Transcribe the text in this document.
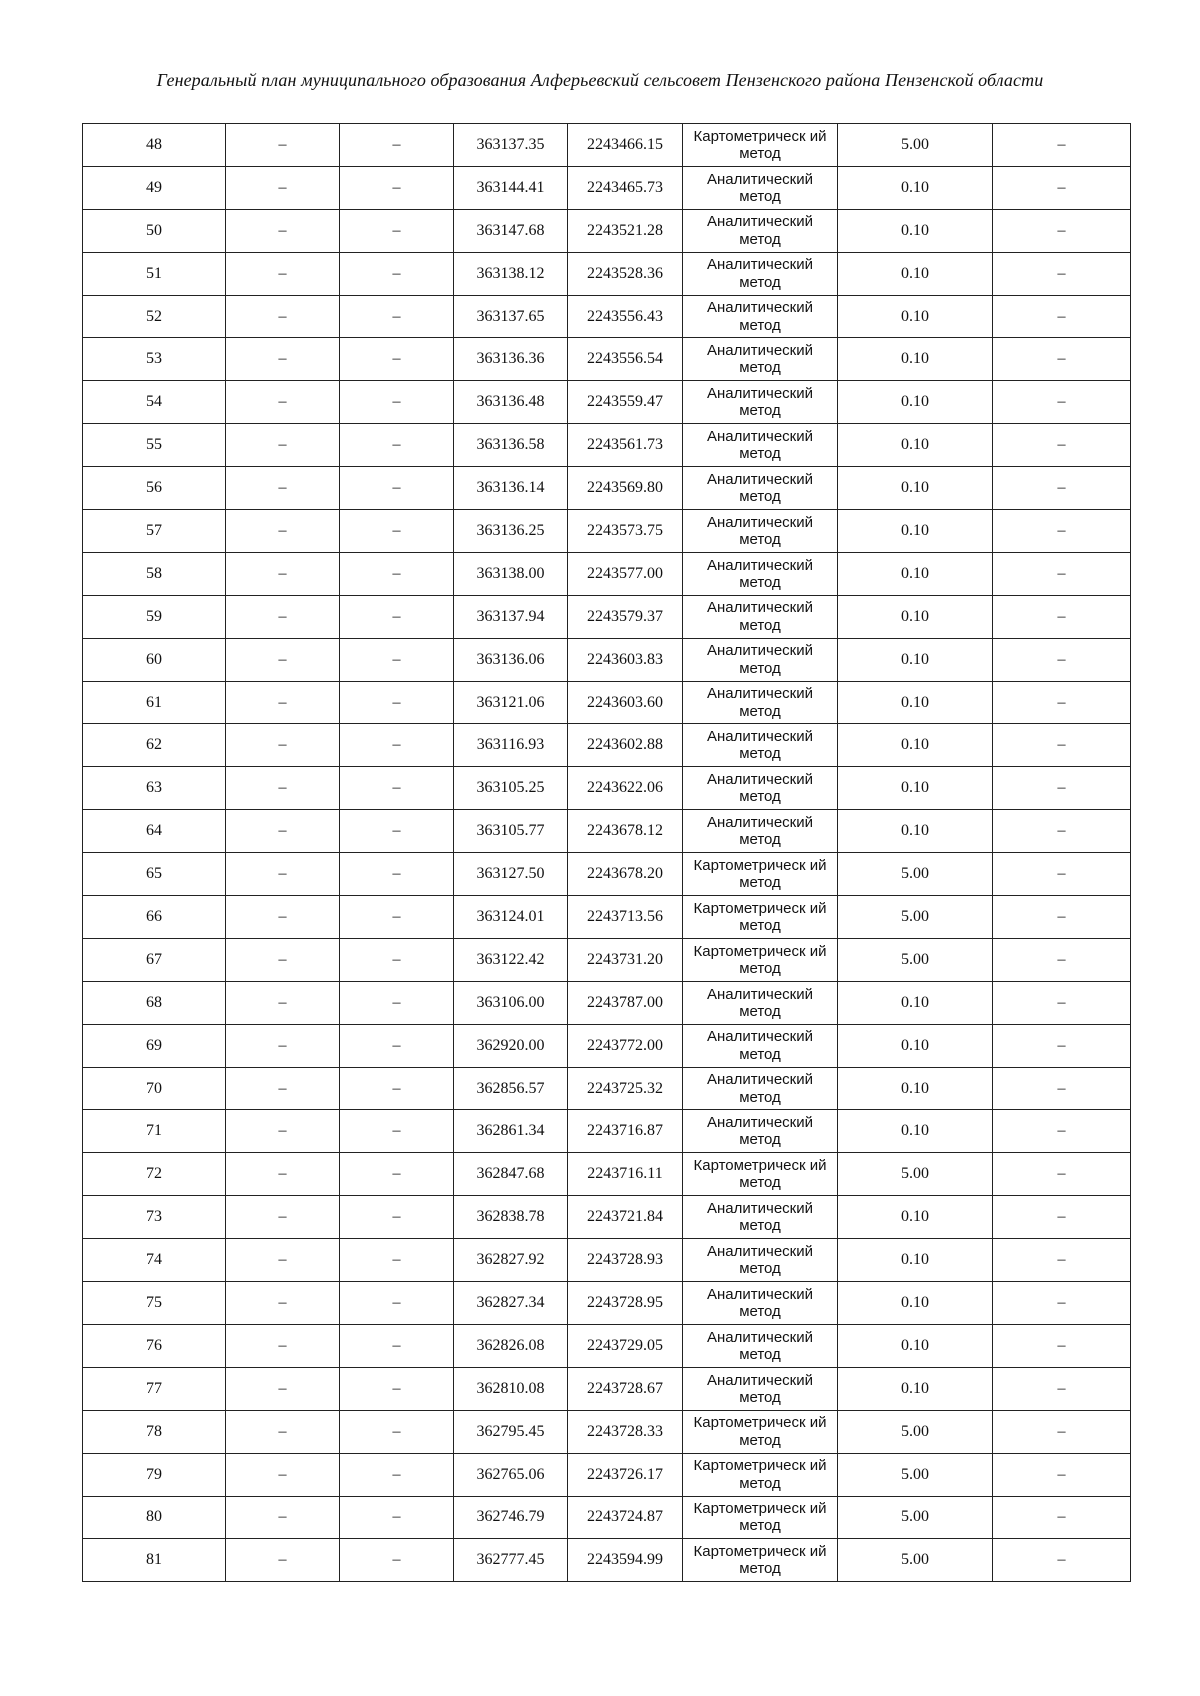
Генеральный план муниципального образования Алферьевский сельсовет Пензенского района Пензенской области
48	–	–	363137.35	2243466.15	Картометрическ ий метод	5.00	–
49	–	–	363144.41	2243465.73	Аналитический метод	0.10	–
50	–	–	363147.68	2243521.28	Аналитический метод	0.10	–
51	–	–	363138.12	2243528.36	Аналитический метод	0.10	–
52	–	–	363137.65	2243556.43	Аналитический метод	0.10	–
53	–	–	363136.36	2243556.54	Аналитический метод	0.10	–
54	–	–	363136.48	2243559.47	Аналитический метод	0.10	–
55	–	–	363136.58	2243561.73	Аналитический метод	0.10	–
56	–	–	363136.14	2243569.80	Аналитический метод	0.10	–
57	–	–	363136.25	2243573.75	Аналитический метод	0.10	–
58	–	–	363138.00	2243577.00	Аналитический метод	0.10	–
59	–	–	363137.94	2243579.37	Аналитический метод	0.10	–
60	–	–	363136.06	2243603.83	Аналитический метод	0.10	–
61	–	–	363121.06	2243603.60	Аналитический метод	0.10	–
62	–	–	363116.93	2243602.88	Аналитический метод	0.10	–
63	–	–	363105.25	2243622.06	Аналитический метод	0.10	–
64	–	–	363105.77	2243678.12	Аналитический метод	0.10	–
65	–	–	363127.50	2243678.20	Картометрическ ий метод	5.00	–
66	–	–	363124.01	2243713.56	Картометрическ ий метод	5.00	–
67	–	–	363122.42	2243731.20	Картометрическ ий метод	5.00	–
68	–	–	363106.00	2243787.00	Аналитический метод	0.10	–
69	–	–	362920.00	2243772.00	Аналитический метод	0.10	–
70	–	–	362856.57	2243725.32	Аналитический метод	0.10	–
71	–	–	362861.34	2243716.87	Аналитический метод	0.10	–
72	–	–	362847.68	2243716.11	Картометрическ ий метод	5.00	–
73	–	–	362838.78	2243721.84	Аналитический метод	0.10	–
74	–	–	362827.92	2243728.93	Аналитический метод	0.10	–
75	–	–	362827.34	2243728.95	Аналитический метод	0.10	–
76	–	–	362826.08	2243729.05	Аналитический метод	0.10	–
77	–	–	362810.08	2243728.67	Аналитический метод	0.10	–
78	–	–	362795.45	2243728.33	Картометрическ ий метод	5.00	–
79	–	–	362765.06	2243726.17	Картометрическ ий метод	5.00	–
80	–	–	362746.79	2243724.87	Картометрическ ий метод	5.00	–
81	–	–	362777.45	2243594.99	Картометрическ ий метод	5.00	–
